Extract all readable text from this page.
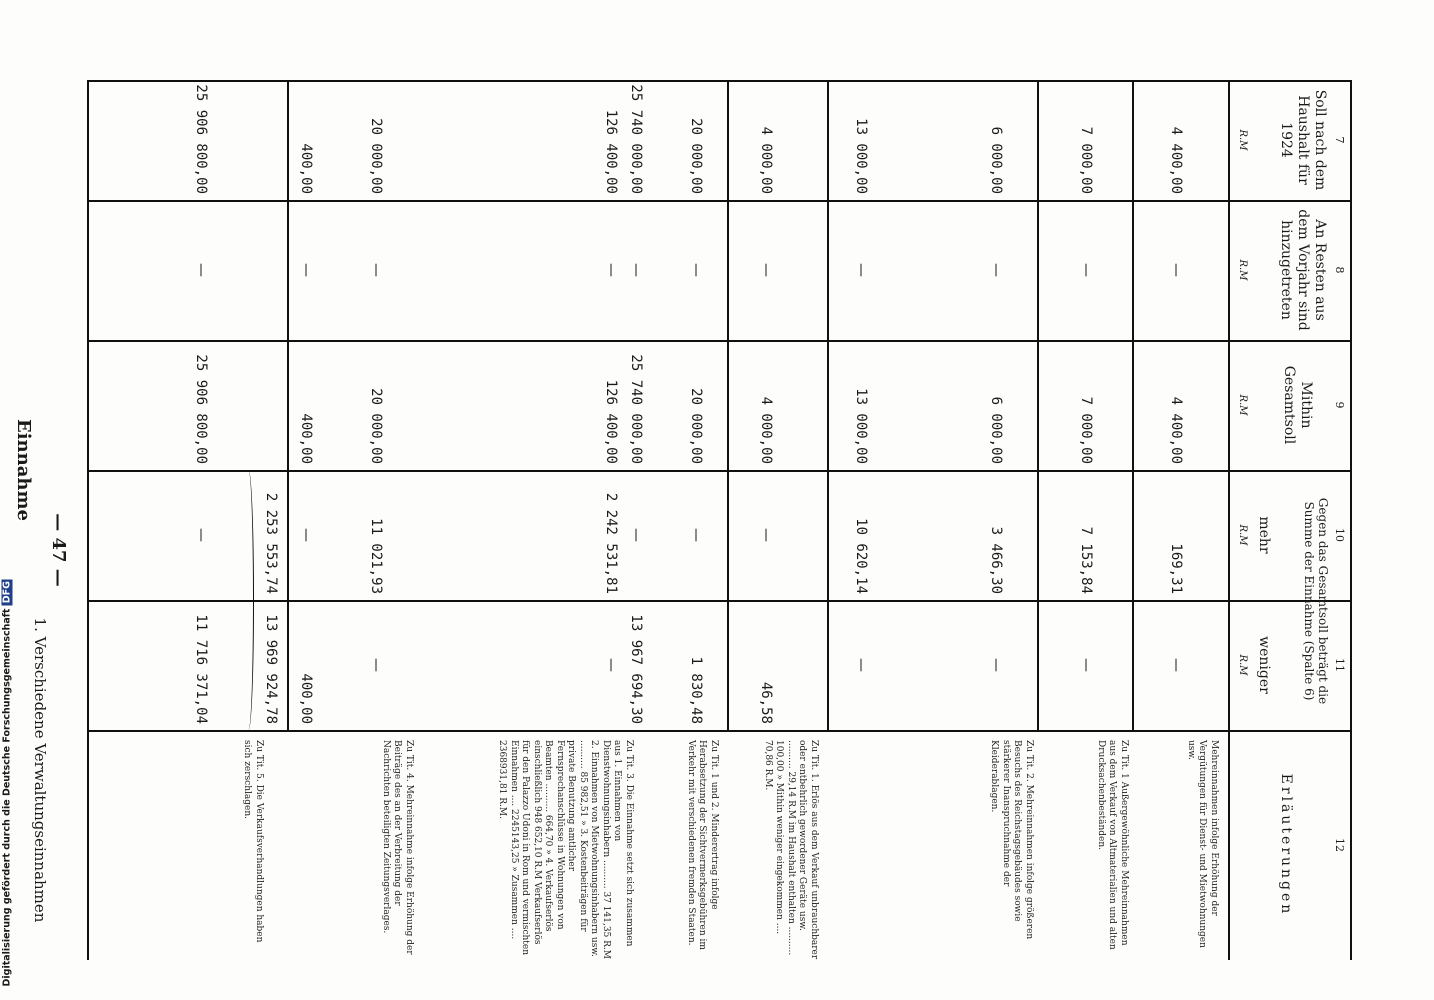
1. Verschiedene Verwaltungseinnahmen
Einnahme
— 47 —
7
Soll nach dem Haushalt für 1924
R.M
8
An Resten aus dem Vorjahr sind hinzugetreten
R.M
9
Mithin Gesamtsoll
R.M
10
Gegen das Gesamtsoll beträgt die Summe der Einnahme (Spalte 6)
mehr
R.M
11
weniger
R.M
12
Erläuterungen
4 400,00
—
4 400,00
169,31
—
Mehreinnahmen infolge Erhöhung der Vergütungen für Dienst- und Mietwohnungen usw.
7 000,00
—
7 000,00
7 153,84
—
Zu Tit. 1 Außergewöhnliche Mehreinnahmen aus dem Verkauf von Altmaterialien und alten Drucksachenbeständen.
6 000,00
—
6 000,00
3 466,30
—
Zu Tit. 2. Mehreinnahmen infolge größeren Besuchs des Reichstagsgebäudes sowie stärkerer Inanspruchnahme der Kleiderablagen.
13 000,00
—
13 000,00
10 620,14
—
4 000,00
—
4 000,00
—
46,58
Zu Tit. 1. Erlös aus dem Verkauf unbrauchbarer oder entbehrlich gewordener Geräte usw. .......... 29,14 R.M im Haushalt enthalten .......... 100,00 » Mithin weniger eingekommen .... 70,86 R.M.
20 000,00
—
20 000,00
—
1 830,48
Zu Tit. 1 und 2. Minderertrag infolge Herabsetzung der Sichtvermerksgebühren im Verkehr mit verschiedenen fremden Staaten.
25 740 000,00
—
25 740 000,00
—
13 967 694,30
126 400,00
—
126 400,00
2 242 531,81
—
Zu Tit. 3. Die Einnahme setzt sich zusammen aus 1. Einnahmen von Dienstwohnungsinhabern .......... 37 141,35 R.M 2. Einnahmen von Mietwohnungsinhabern usw. .......... 85 982,51 » 3. Kostenbeiträgen für private Benutzung amtlicher Fernsprechanschlüsse in Wohnungen von Beamten .......... 664,70 » 4. Verkaufserlös einschließlich 948 652,10 R.M Verkaufserlös für den Palazzo Udoni in Rom und vermischten Einnahmen .... 2245143,25 » Zusammen .... 2368931,81 R.M.
20 000,00
—
20 000,00
11 021,93
—
Zu Tit. 4. Mehreinnahme infolge Erhöhung der Beiträge des an der Verbreitung der Nachrichten beteiligten Zeitungsverlages.
400,00
—
400,00
—
400,00
Zu Tit. 5. Die Verkaufsverhandlungen haben sich zerschlagen.
2 253 553,74
13 969 924,78
25 906 800,00
—
25 906 800,00
—
11 716 371,04
Digitalisierung gefördert durch die Deutsche Forschungsgemeinschaft DFG
